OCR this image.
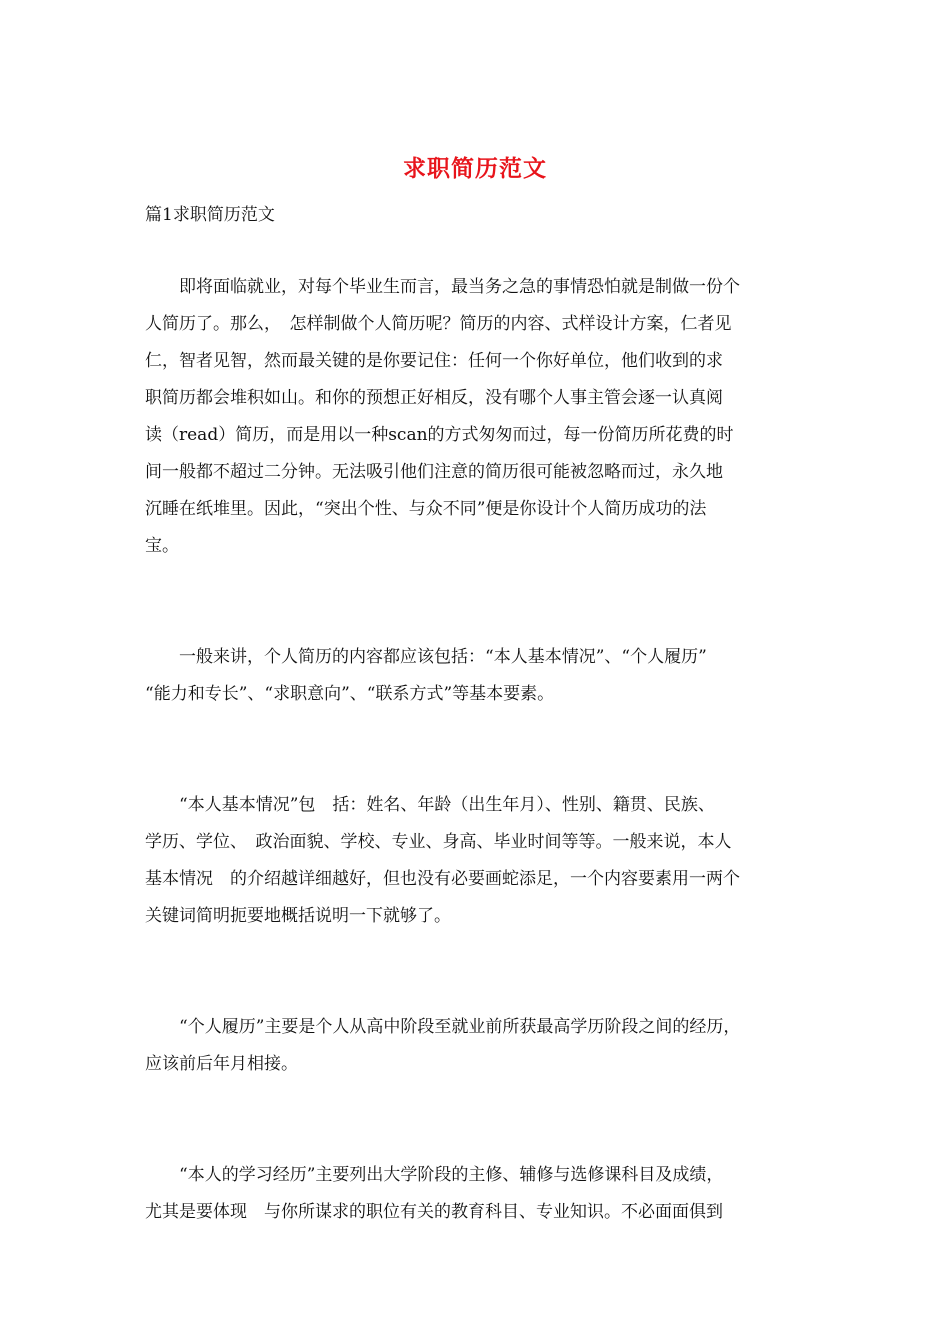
求职简历范文
篇1求职简历范文

　　即将面临就业，对每个毕业生而言，最当务之急的事情恐怕就是制做一份个
人简历了。那么，　怎样制做个人简历呢？简历的内容、式样设计方案，仁者见
仁，智者见智，然而最关键的是你要记住：任何一个你好单位，他们收到的求
职简历都会堆积如山。和你的预想正好相反，没有哪个人事主管会逐一认真阅
读（read）简历，而是用以一种scan的方式匆匆而过，每一份简历所花费的时
间一般都不超过二分钟。无法吸引他们注意的简历很可能被忽略而过，永久地
沉睡在纸堆里。因此，“突出个性、与众不同”便是你设计个人简历成功的法
宝。

　　一般来讲，个人简历的内容都应该包括：“本人基本情况”、“个人履历”
“能力和专长”、“求职意向”、“联系方式”等基本要素。

　　“本人基本情况”包　括：姓名、年龄（出生年月）、性别、籍贯、民族、
学历、学位、　政治面貌、学校、专业、身高、毕业时间等等。一般来说，本人
基本情况　的介绍越详细越好，但也没有必要画蛇添足，一个内容要素用一两个
关键词简明扼要地概括说明一下就够了。

　　“个人履历”主要是个人从高中阶段至就业前所获最高学历阶段之间的经历，
应该前后年月相接。

　　“本人的学习经历”主要列出大学阶段的主修、辅修与选修课科目及成绩，
尤其是要体现　与你所谋求的职位有关的教育科目、专业知识。不必面面俱到
